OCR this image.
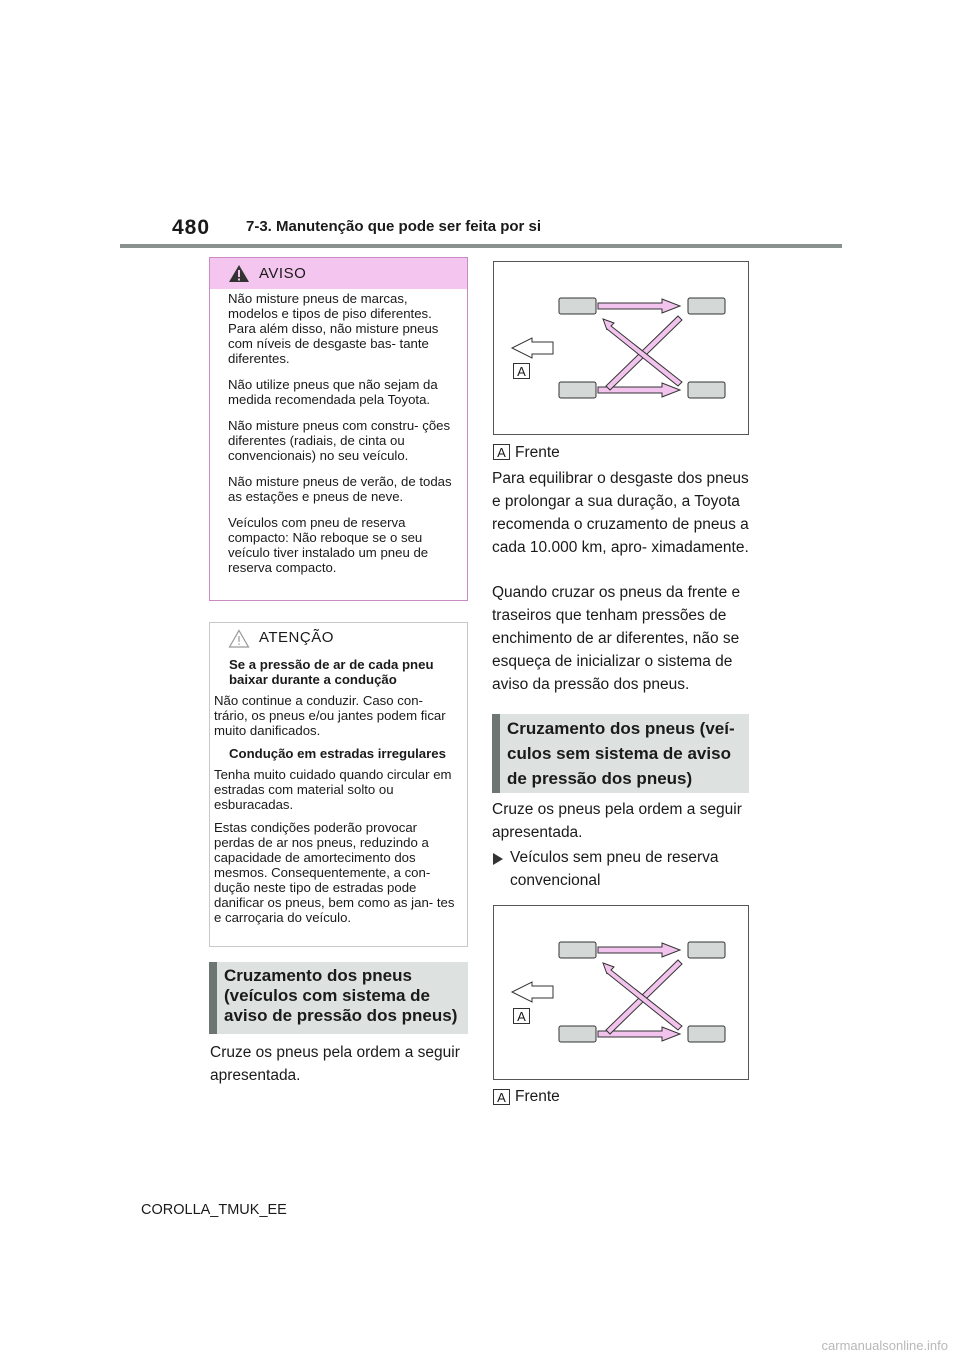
480 7-3. Manutenção que pode ser feita por si
AVISO

Não misture pneus de marcas, modelos e tipos de piso diferentes. Para além disso, não misture pneus com níveis de desgaste bas- tante diferentes.

Não utilize pneus que não sejam da medida recomendada pela Toyota.

Não misture pneus com constru- ções diferentes (radiais, de cinta ou convencionais) no seu veículo.

Não misture pneus de verão, de todas as estações e pneus de neve.

Veículos com pneu de reserva compacto: Não reboque se o seu veículo tiver instalado um pneu de reserva compacto.

ATENÇÃO
Se a pressão de ar de cada pneu baixar durante a condução

Não continue a conduzir. Caso con- trário, os pneus e/ou jantes podem ficar muito danificados.

Condução em estradas irregulares

Tenha muito cuidado quando circular em estradas com material solto ou esburacadas.

Estas condições poderão provocar perdas de ar nos pneus, reduzindo a capacidade de amortecimento dos mesmos. Consequentemente, a con- dução neste tipo de estradas pode danificar os pneus, bem como as jan- tes e carroçaria do veículo.

Cruzamento dos pneus (veículos com sistema de aviso de pressão dos pneus)
Cruze os pneus pela ordem a seguir apresentada.
A
A Frente
Para equilibrar o desgaste dos pneus e prolongar a sua duração, a Toyota recomenda o cruzamento de pneus a cada 10.000 km, apro- ximadamente.
Quando cruzar os pneus da frente e traseiros que tenham pressões de enchimento de ar diferentes, não se esqueça de inicializar o sistema de aviso da pressão dos pneus.
Cruzamento dos pneus (veí- culos sem sistema de aviso de pressão dos pneus)
Cruze os pneus pela ordem a seguir apresentada.
Veículos sem pneu de reserva convencional
A
A Frente
COROLLA_TMUK_EE
carmanualsonline.info
